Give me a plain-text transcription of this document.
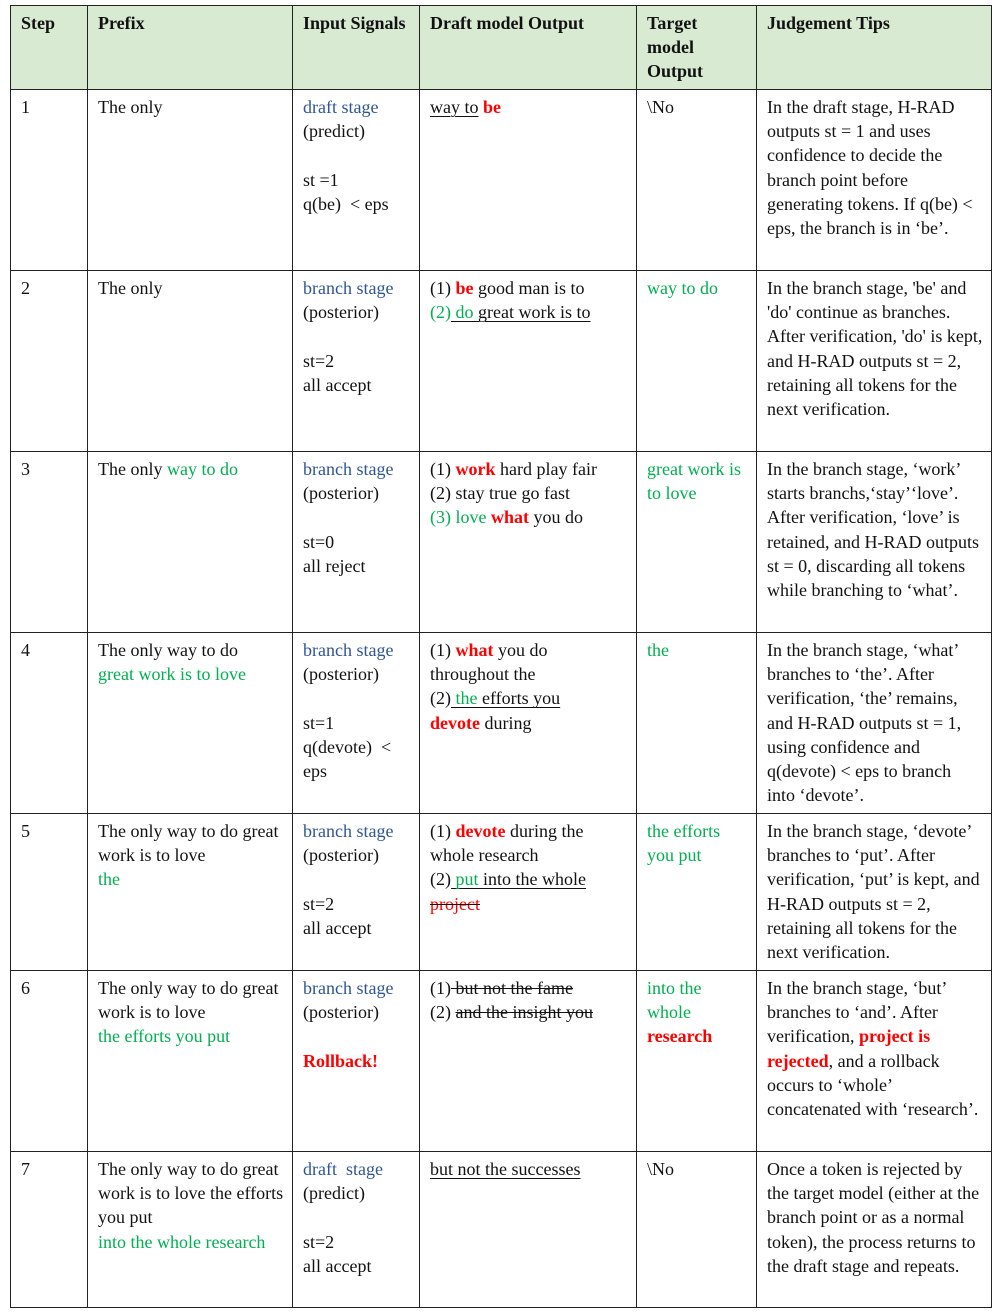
Step	Prefix	Input Signals	Draft model Output	Target model Output	Judgement Tips
1	The only	draft stage
(predict)
st =1
q(be)  < eps	way to be	\No	In the draft stage, H-RAD outputs st = 1 and uses confidence to decide the branch point before generating tokens. If q(be) < eps, the branch is in ‘be’.
2	The only	branch stage
(posterior)
st=2
all accept	(1) be good man is to
(2) do great work is to	way to do	In the branch stage, 'be' and 'do' continue as branches. After verification, 'do' is kept, and H-RAD outputs st = 2, retaining all tokens for the next verification.
3	The only way to do	branch stage
(posterior)
st=0
all reject	(1) work hard play fair
(2) stay true go fast
(3) love what you do	great work is to love	In the branch stage, ‘work’ starts branchs,‘stay’‘love’. After verification, ‘love’ is retained, and H-RAD outputs st = 0, discarding all tokens while branching to ‘what’.
4	The only way to do
great work is to love	branch stage
(posterior)
st=1
q(devote)  <
eps	(1) what you do
throughout the
(2) the efforts you
devote during	the	In the branch stage, ‘what’ branches to ‘the’. After verification, ‘the’ remains, and H-RAD outputs st = 1, using confidence and q(devote) < eps to branch into ‘devote’.
5	The only way to do great work is to love
the	branch stage
(posterior)
st=2
all accept	(1) devote during the
whole research
(2) put into the whole
project	the efforts you put	In the branch stage, ‘devote’ branches to ‘put’. After verification, ‘put’ is kept, and H-RAD outputs st = 2, retaining all tokens for the next verification.
6	The only way to do great work is to love
the efforts you put	branch stage
(posterior)
Rollback!	(1) but not the fame
(2) and the insight you	into the whole
research	In the branch stage, ‘but’ branches to ‘and’. After verification, project is rejected, and a rollback occurs to ‘whole’ concatenated with ‘research’.
7	The only way to do great work is to love the efforts you put
into the whole research	draft  stage
(predict)
st=2
all accept	but not the successes	\No	Once a token is rejected by the target model (either at the branch point or as a normal token), the process returns to the draft stage and repeats.
